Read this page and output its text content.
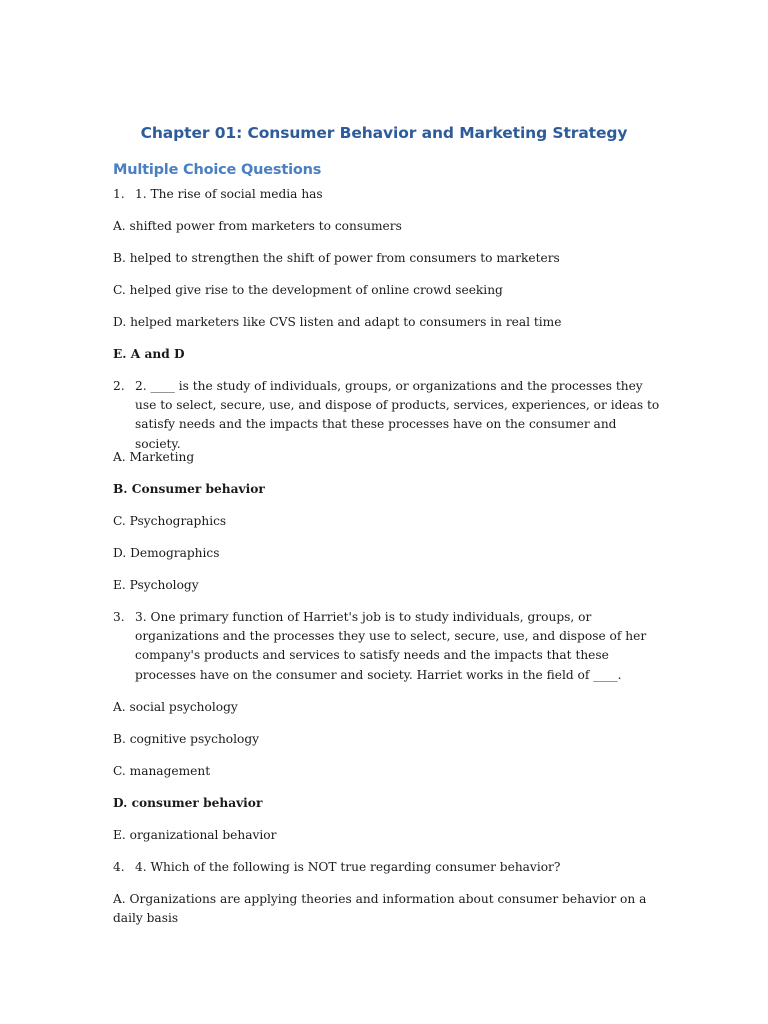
Chapter 01: Consumer Behavior and Marketing Strategy
Multiple Choice Questions
1. 1. The rise of social media has
A. shifted power from marketers to consumers
B. helped to strengthen the shift of power from consumers to marketers
C. helped give rise to the development of online crowd seeking
D. helped marketers like CVS listen and adapt to consumers in real time
E. A and D
2. 2. ____ is the study of individuals, groups, or organizations and the processes they use to select, secure, use, and dispose of products, services, experiences, or ideas to satisfy needs and the impacts that these processes have on the consumer and society.
A. Marketing
B. Consumer behavior
C. Psychographics
D. Demographics
E. Psychology
3. 3. One primary function of Harriet's job is to study individuals, groups, or organizations and the processes they use to select, secure, use, and dispose of her company's products and services to satisfy needs and the impacts that these processes have on the consumer and society. Harriet works in the field of ____.
A. social psychology
B. cognitive psychology
C. management
D. consumer behavior
E. organizational behavior
4. 4. Which of the following is NOT true regarding consumer behavior?
A. Organizations are applying theories and information about consumer behavior on a daily basis
